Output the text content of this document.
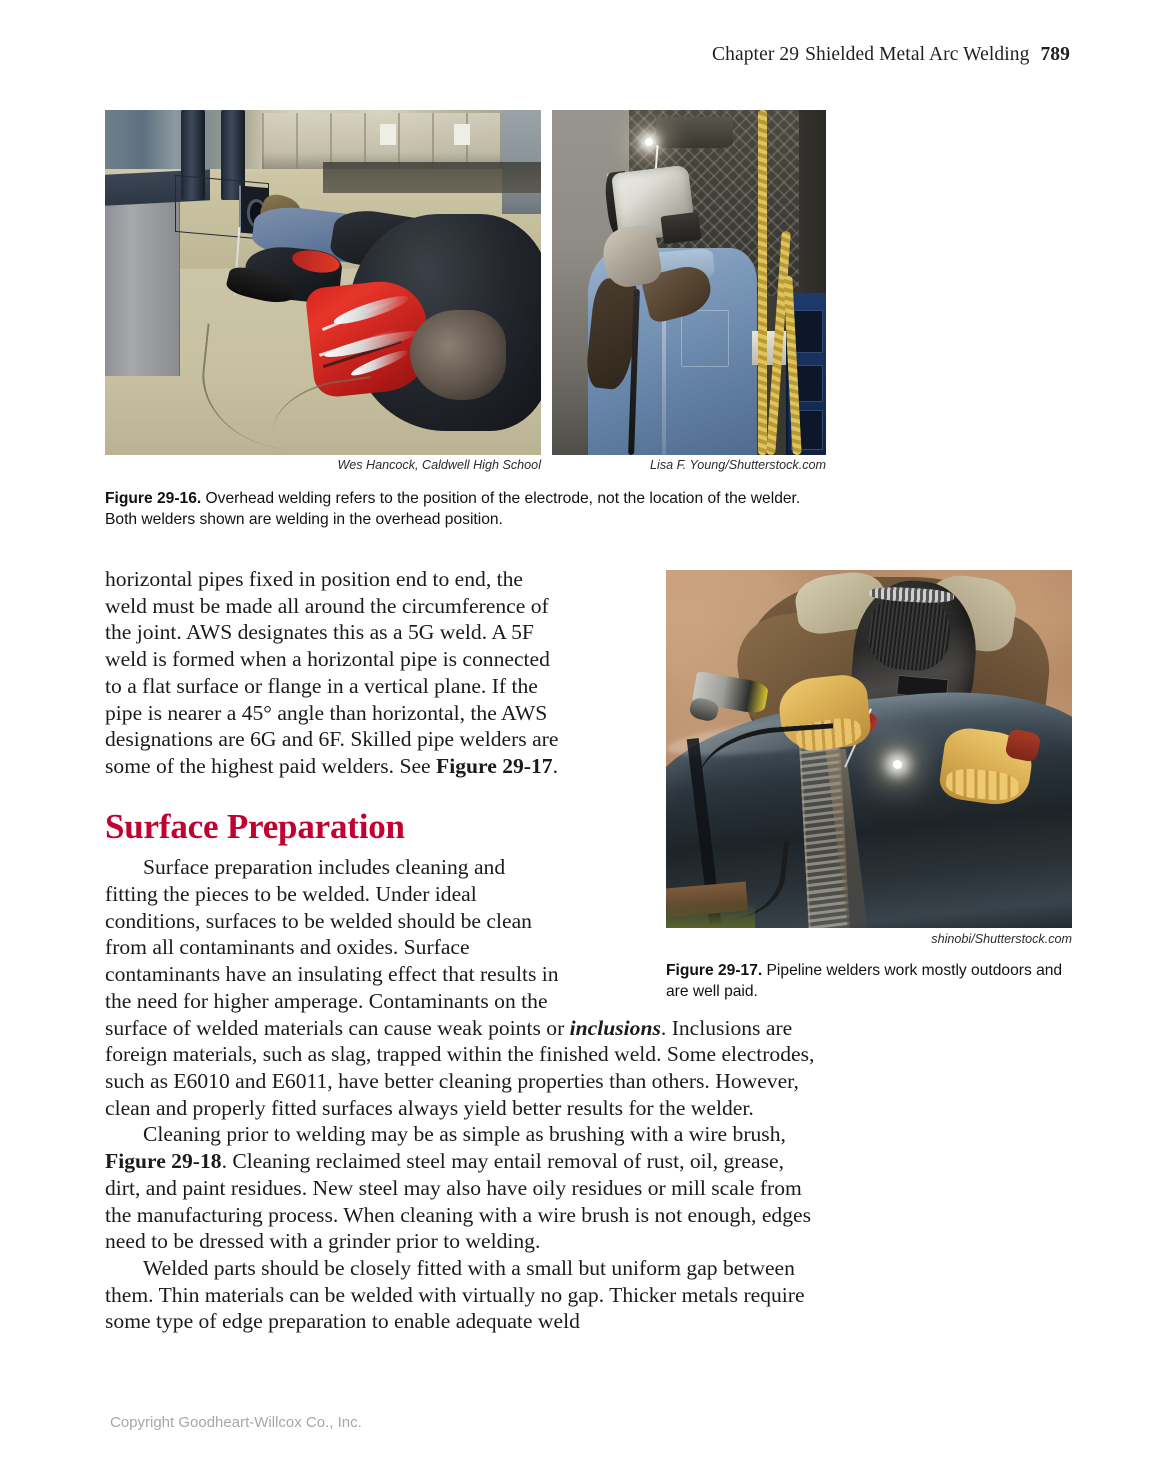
Chapter 29 Shielded Metal Arc Welding 789
Wes Hancock, Caldwell High School	Lisa F. Young/Shutterstock.com
Figure 29-16. Overhead welding refers to the position of the electrode, not the location of the welder. Both welders shown are welding in the overhead position.
shinobi/Shutterstock.com
Figure 29-17. Pipeline welders work mostly outdoors and are well paid.

horizontal pipes fixed in position end to end, the weld must be made all around the circumference of the joint. AWS designates this as a 5G weld. A 5F weld is formed when a horizontal pipe is connected to a flat surface or flange in a vertical plane. If the pipe is nearer a 45° angle than horizontal, the AWS designations are 6G and 6F. Skilled pipe welders are some of the highest paid welders. See Figure 29-17.

Surface Preparation

Surface preparation includes cleaning and fitting the pieces to be welded. Under ideal conditions, surfaces to be welded should be clean from all contaminants and oxides. Surface contaminants have an insulating effect that results in the need for higher amperage. Contaminants on the surface of welded materials can cause weak points or inclusions. Inclusions are foreign materials, such as slag, trapped within the finished weld. Some electrodes, such as E6010 and E6011, have better cleaning properties than others. However, clean and properly fitted surfaces always yield better results for the welder.

Cleaning prior to welding may be as simple as brushing with a wire brush, Figure 29-18. Cleaning reclaimed steel may entail removal of rust, oil, grease, dirt, and paint residues. New steel may also have oily residues or mill scale from the manufacturing process. When cleaning with a wire brush is not enough, edges need to be dressed with a grinder prior to welding.

Welded parts should be closely fitted with a small but uniform gap between them. Thin materials can be welded with virtually no gap. Thicker metals require some type of edge preparation to enable adequate weld

Copyright Goodheart-Willcox Co., Inc.
